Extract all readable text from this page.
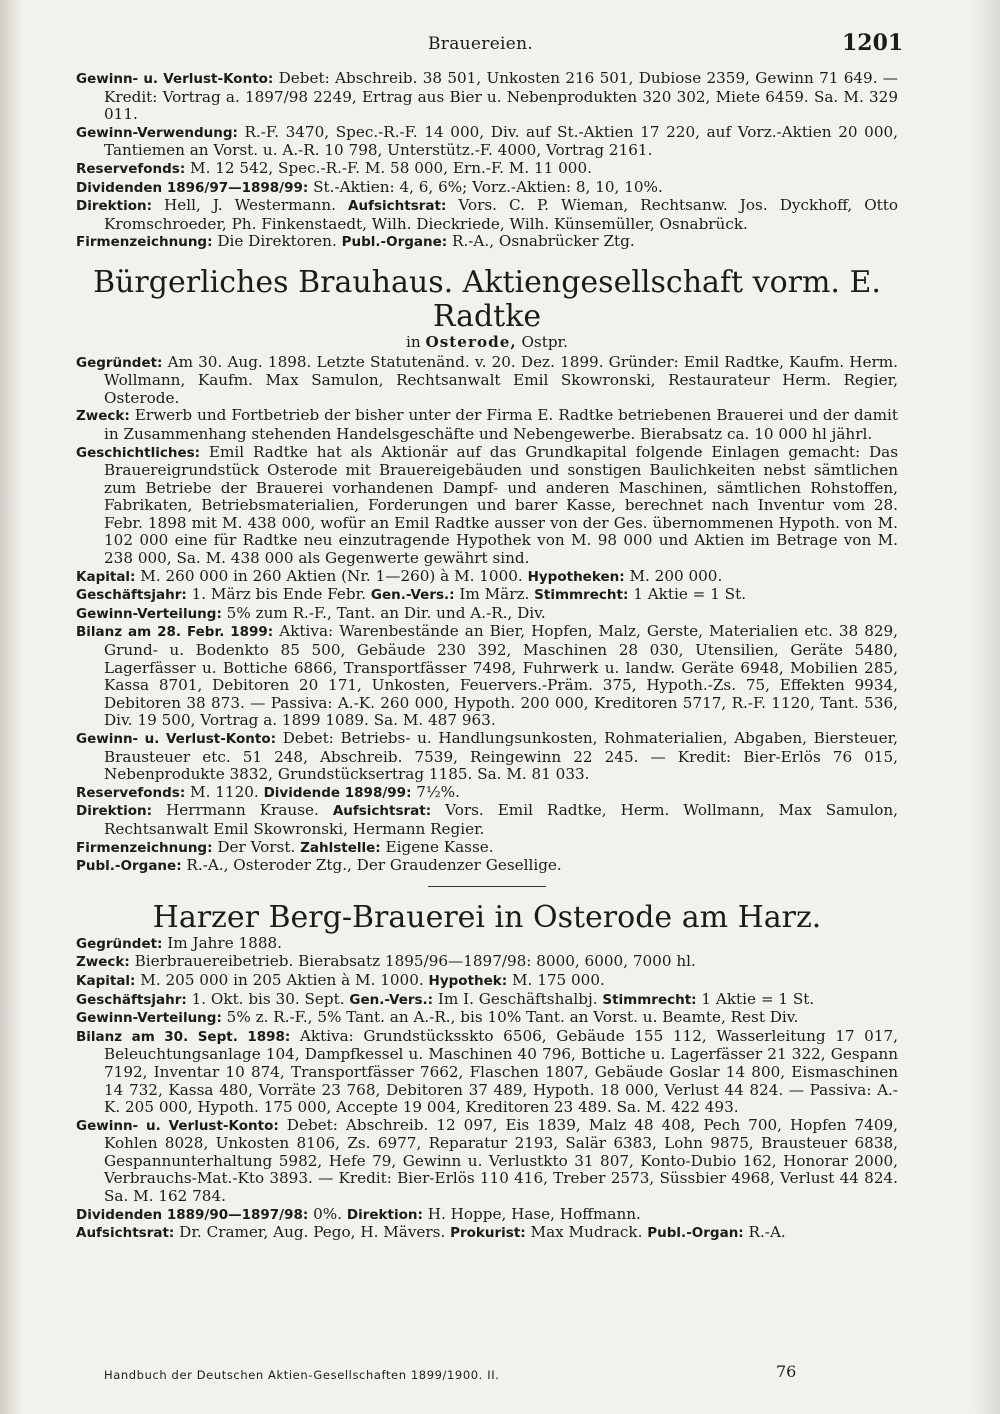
Brauereien.	1201

Gewinn- u. Verlust-Konto: Debet: Abschreib. 38 501, Unkosten 216 501, Dubiose 2359, Gewinn 71 649. — Kredit: Vortrag a. 1897/98 2249, Ertrag aus Bier u. Nebenprodukten 320 302, Miete 6459. Sa. M. 329 011.

Gewinn-Verwendung: R.-F. 3470, Spec.-R.-F. 14 000, Div. auf St.-Aktien 17 220, auf Vorz.-Aktien 20 000, Tantiemen an Vorst. u. A.-R. 10 798, Unterstütz.-F. 4000, Vortrag 2161.

Reservefonds: M. 12 542, Spec.-R.-F. M. 58 000, Ern.-F. M. 11 000.

Dividenden 1896/97—1898/99: St.-Aktien: 4, 6, 6%; Vorz.-Aktien: 8, 10, 10%.

Direktion: Hell, J. Westermann. Aufsichtsrat: Vors. C. P. Wieman, Rechtsanw. Jos. Dyckhoff, Otto Kromschroeder, Ph. Finkenstaedt, Wilh. Dieckriede, Wilh. Künsemüller, Osnabrück.

Firmenzeichnung: Die Direktoren. Publ.-Organe: R.-A., Osnabrücker Ztg.

Bürgerliches Brauhaus. Aktiengesellschaft vorm. E. Radtke

in Osterode, Ostpr.

Gegründet: Am 30. Aug. 1898. Letzte Statutenänd. v. 20. Dez. 1899. Gründer: Emil Radtke, Kaufm. Herm. Wollmann, Kaufm. Max Samulon, Rechtsanwalt Emil Skowronski, Restaurateur Herm. Regier, Osterode.

Zweck: Erwerb und Fortbetrieb der bisher unter der Firma E. Radtke betriebenen Brauerei und der damit in Zusammenhang stehenden Handelsgeschäfte und Nebengewerbe. Bierabsatz ca. 10 000 hl jährl.

Geschichtliches: Emil Radtke hat als Aktionär auf das Grundkapital folgende Einlagen gemacht: Das Brauereigrundstück Osterode mit Brauereigebäuden und sonstigen Baulichkeiten nebst sämtlichen zum Betriebe der Brauerei vorhandenen Dampf- und anderen Maschinen, sämtlichen Rohstoffen, Fabrikaten, Betriebsmaterialien, Forderungen und barer Kasse, berechnet nach Inventur vom 28. Febr. 1898 mit M. 438 000, wofür an Emil Radtke ausser von der Ges. übernommenen Hypoth. von M. 102 000 eine für Radtke neu einzutragende Hypothek von M. 98 000 und Aktien im Betrage von M. 238 000, Sa. M. 438 000 als Gegenwerte gewährt sind.

Kapital: M. 260 000 in 260 Aktien (Nr. 1—260) à M. 1000. Hypotheken: M. 200 000.

Geschäftsjahr: 1. März bis Ende Febr. Gen.-Vers.: Im März. Stimmrecht: 1 Aktie = 1 St.

Gewinn-Verteilung: 5% zum R.-F., Tant. an Dir. und A.-R., Div.

Bilanz am 28. Febr. 1899: Aktiva: Warenbestände an Bier, Hopfen, Malz, Gerste, Materialien etc. 38 829, Grund- u. Bodenkto 85 500, Gebäude 230 392, Maschinen 28 030, Utensilien, Geräte 5480, Lagerfässer u. Bottiche 6866, Transportfässer 7498, Fuhrwerk u. landw. Geräte 6948, Mobilien 285, Kassa 8701, Debitoren 20 171, Unkosten, Feuervers.-Präm. 375, Hypoth.-Zs. 75, Effekten 9934, Debitoren 38 873. — Passiva: A.-K. 260 000, Hypoth. 200 000, Kreditoren 5717, R.-F. 1120, Tant. 536, Div. 19 500, Vortrag a. 1899 1089. Sa. M. 487 963.

Gewinn- u. Verlust-Konto: Debet: Betriebs- u. Handlungsunkosten, Rohmaterialien, Abgaben, Biersteuer, Brausteuer etc. 51 248, Abschreib. 7539, Reingewinn 22 245. — Kredit: Bier-Erlös 76 015, Nebenprodukte 3832, Grundstücksertrag 1185. Sa. M. 81 033.

Reservefonds: M. 1120. Dividende 1898/99: 7½%.

Direktion: Herrmann Krause. Aufsichtsrat: Vors. Emil Radtke, Herm. Wollmann, Max Samulon, Rechtsanwalt Emil Skowronski, Hermann Regier.

Firmenzeichnung: Der Vorst. Zahlstelle: Eigene Kasse.

Publ.-Organe: R.-A., Osteroder Ztg., Der Graudenzer Gesellige.

Harzer Berg-Brauerei in Osterode am Harz.

Gegründet: Im Jahre 1888.

Zweck: Bierbrauereibetrieb. Bierabsatz 1895/96—1897/98: 8000, 6000, 7000 hl.

Kapital: M. 205 000 in 205 Aktien à M. 1000. Hypothek: M. 175 000.

Geschäftsjahr: 1. Okt. bis 30. Sept. Gen.-Vers.: Im I. Geschäftshalbj. Stimmrecht: 1 Aktie = 1 St.

Gewinn-Verteilung: 5% z. R.-F., 5% Tant. an A.-R., bis 10% Tant. an Vorst. u. Beamte, Rest Div.

Bilanz am 30. Sept. 1898: Aktiva: Grundstücksskto 6506, Gebäude 155 112, Wasserleitung 17 017, Beleuchtungsanlage 104, Dampfkessel u. Maschinen 40 796, Bottiche u. Lagerfässer 21 322, Gespann 7192, Inventar 10 874, Transportfässer 7662, Flaschen 1807, Gebäude Goslar 14 800, Eismaschinen 14 732, Kassa 480, Vorräte 23 768, Debitoren 37 489, Hypoth. 18 000, Verlust 44 824. — Passiva: A.-K. 205 000, Hypoth. 175 000, Accepte 19 004, Kreditoren 23 489. Sa. M. 422 493.

Gewinn- u. Verlust-Konto: Debet: Abschreib. 12 097, Eis 1839, Malz 48 408, Pech 700, Hopfen 7409, Kohlen 8028, Unkosten 8106, Zs. 6977, Reparatur 2193, Salär 6383, Lohn 9875, Brausteuer 6838, Gespannunterhaltung 5982, Hefe 79, Gewinn u. Verlustkto 31 807, Konto-Dubio 162, Honorar 2000, Verbrauchs-Mat.-Kto 3893. — Kredit: Bier-Erlös 110 416, Treber 2573, Süssbier 4968, Verlust 44 824. Sa. M. 162 784.

Dividenden 1889/90—1897/98: 0%. Direktion: H. Hoppe, Hase, Hoffmann.

Aufsichtsrat: Dr. Cramer, Aug. Pego, H. Mävers. Prokurist: Max Mudrack. Publ.-Organ: R.-A.

Handbuch der Deutschen Aktien-Gesellschaften 1899/1900. II.	76
